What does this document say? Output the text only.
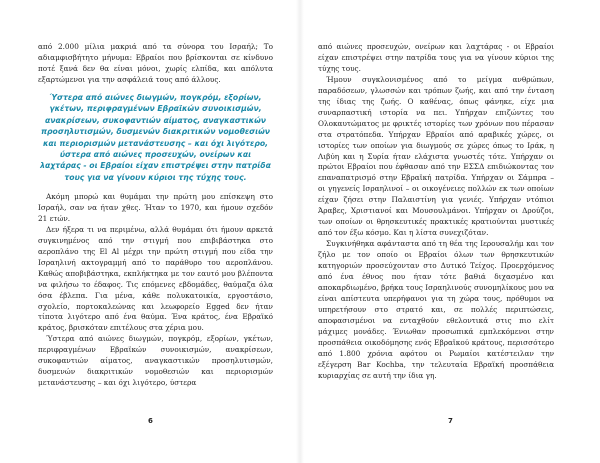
από 2.000 μίλια μακριά από τα σύνορα του Ισραήλ; Το αδιαμφισβήτητο μήνυμα: Εβραίοι που βρίσκονται σε κίνδυνο ποτέ ξανά δεν θα είναι μόνοι, χωρίς ελπίδα, και απόλυτα εξαρτώμενοι για την ασφάλειά τους από άλλους.

Ύστερα από αιώνες διωγμών, πογκρόμ, εξορίων, γκέτων, περιφραγμένων Εβραϊκών συνοικισμών, ανακρίσεων, συκοφαντιών αίματος, αναγκαστικών προσηλυτισμών, δυσμενών διακριτικών νομοθεσιών και περιορισμών μετανάστευσης – και όχι λιγότερο, ύστερα από αιώνες προσευχών, ονείρων και λαχτάρας - οι Εβραίοι είχαν επιστρέψει στην πατρίδα τους για να γίνουν κύριοι της τύχης τους.

Ακόμη μπορώ και θυμάμαι την πρώτη μου επίσκεψη στο Ισραήλ, σαν να ήταν χθες. Ήταν το 1970, και ήμουν σχεδόν 21 ετών.

Δεν ήξερα τι να περιμένω, αλλά θυμάμαι ότι ήμουν αρκετά συγκινημένος από την στιγμή που επιβιβάστηκα στο αεροπλάνο της El Al μέχρι την πρώτη στιγμή που είδα την Ισραηλινή ακτογραμμή από το παράθυρο του αεροπλάνου. Καθώς αποβιβάστηκα, εκπλήκτηκα με τον εαυτό μου βλέποντα να φιλήσω το έδαφος. Τις επόμενες εβδομάδες, θαύμαζα όλα όσα έβλεπα. Για μένα, κάθε πολυκατοικία, εργοστάσιο, σχολείο, πορτοκαλεώνας και λεωφορείο Egged δεν ήταν τίποτα λιγότερο από ένα θαύμα. Ένα κράτος, ένα Εβραϊκό κράτος, βρισκόταν επιτέλους στα χέρια μου.

Ύστερα από αιώνες διωγμών, πογκρόμ, εξορίων, γκέτων, περιφραγμένων Εβραϊκών συνοικισμών, ανακρίσεων, συκοφαντιών αίματος, αναγκαστικών προσηλυτισμών, δυσμενών διακριτικών νομοθεσιών και περιορισμών μετανάστευσης – και όχι λιγότερο, ύστερα

6

από αιώνες προσευχών, ονείρων και λαχτάρας - οι Εβραίοι είχαν επιστρέψει στην πατρίδα τους για να γίνουν κύριοι της τύχης τους.

Ήμουν συγκλονισμένος από το μείγμα ανθρώπων, παραδόσεων, γλωσσών και τρόπων ζωής, και από την ένταση της ίδιας της ζωής. Ο καθένας, όπως φάνηκε, είχε μια συναρπαστική ιστορία να πει. Υπήρχαν επιζώντες του Ολοκαυτώματος με φρικτές ιστορίες των χρόνων που πέρασαν στα στρατόπεδα. Υπήρχαν Εβραίοι από αραβικές χώρες, οι ιστορίες των οποίων για διωγμούς σε χώρες όπως το Ιράκ, η Λιβύη και η Συρία ήταν ελάχιστα γνωστές τότε. Υπήρχαν οι πρώτοι Εβραίοι που έφθασαν από την ΕΣΣΔ επιδιώκοντας τον επαναπατρισμό στην Εβραϊκή πατρίδα. Υπήρχαν οι Σάμπρα – οι γηγενείς Ισραηλινοί – οι οικογένειες πολλών εκ των οποίων είχαν ζήσει στην Παλαιστίνη για γενιές. Υπήρχαν ντόπιοι Άραβες, Χριστιανοί και Μουσουλμάνοι. Υπήρχαν οι Δρούζοι, των οποίων οι θρησκευτικές πρακτικές κρατιούνται μυστικές από τον έξω κόσμο. Και η λίστα συνεχιζόταν.

Συγκινήθηκα αφάνταστα από τη θέα της Ιερουσαλήμ και τον ζήλο με τον οποίο οι Εβραίοι όλων των θρησκευτικών κατηγοριών προσεύχονταν στο Δυτικό Τείχος. Προερχόμενος από ένα έθνος που ήταν τότε βαθιά διχασμένο και αποκαρδιωμένο, βρήκα τους Ισραηλινούς συνομηλίκους μου να είναι απίστευτα υπερήφανοι για τη χώρα τους, πρόθυμοι να υπηρετήσουν στο στρατό και, σε πολλές περιπτώσεις, αποφασισμένοι να ενταχθούν εθελοντικά στις πιο ελίτ μάχιμες μονάδες. Ένιωθαν προσωπικά εμπλεκόμενοι στην προσπάθεια οικοδόμησης ενός Εβραϊκού κράτους, περισσότερο από 1.800 χρόνια αφότου οι Ρωμαίοι κατέστειλαν την εξέγερση Bar Kochba, την τελευταία Εβραϊκή προσπάθεια κυριαρχίας σε αυτή την ίδια γη.

7
